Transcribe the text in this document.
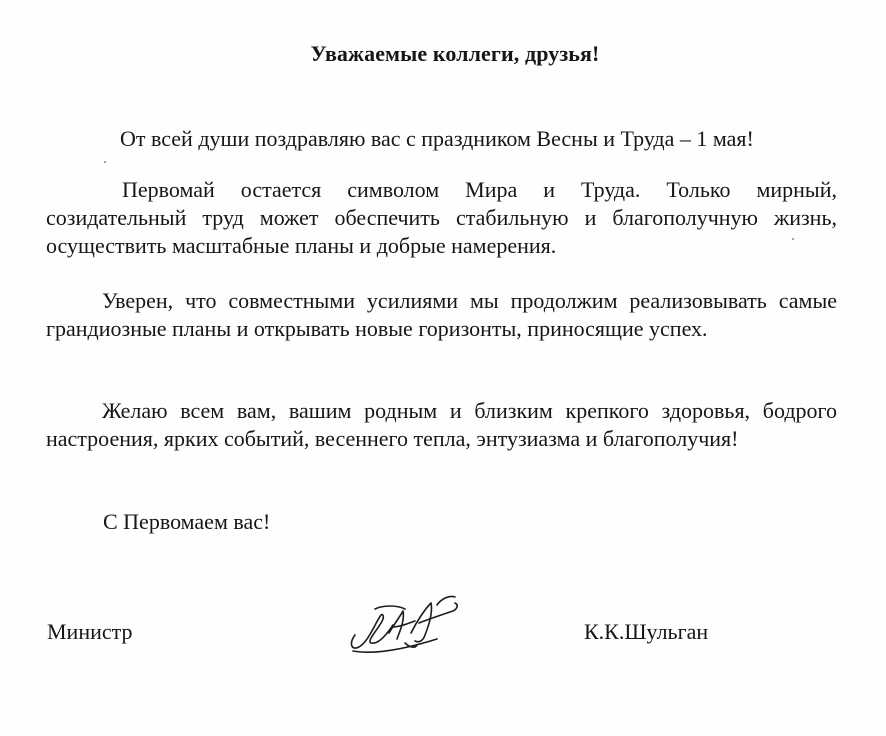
Уважаемые коллеги, друзья!
От всей души поздравляю вас с праздником Весны и Труда – 1 мая!
Первомай остается символом Мира и Труда. Только мирный, созидательный труд может обеспечить стабильную и благополучную жизнь, осуществить масштабные планы и добрые намерения.
Уверен, что совместными усилиями мы продолжим реализовывать самые грандиозные планы и открывать новые горизонты, приносящие успех.
Желаю всем вам, вашим родным и близким крепкого здоровья, бодрого настроения, ярких событий, весеннего тепла, энтузиазма и благополучия!
С Первомаем вас!
Министр	К.К.Шульган
